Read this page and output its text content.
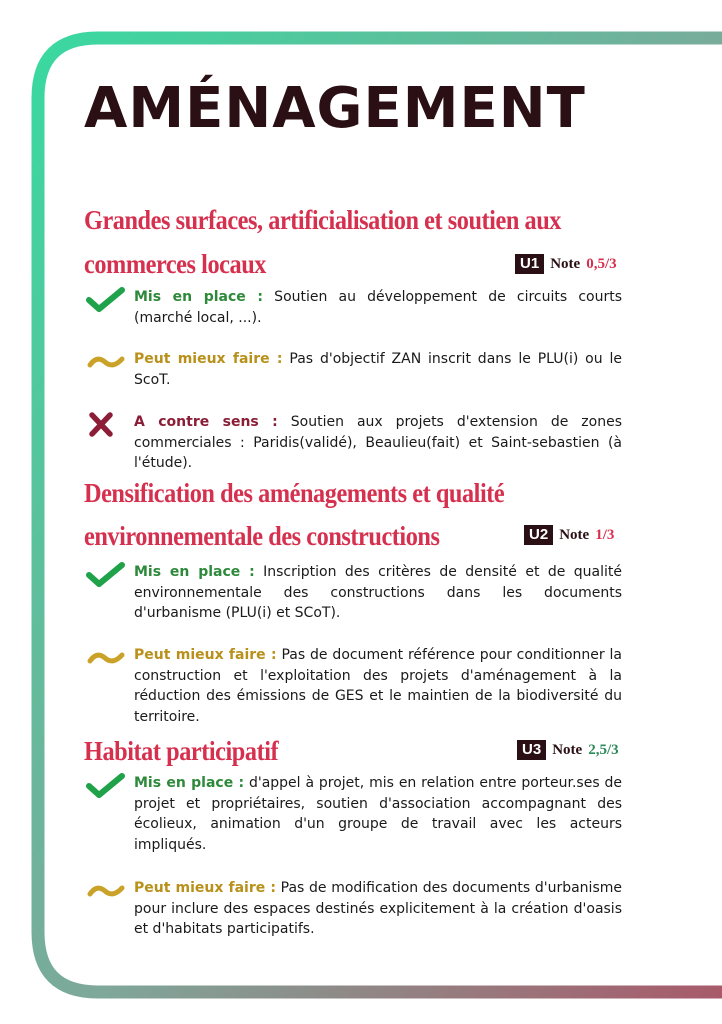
AMÉNAGEMENT
Grandes surfaces, artificialisation et soutien aux
commerces locaux	U1 Note 0,5/3
Mis en place : Soutien au développement de circuits courts (marché local, ...).
Peut mieux faire : Pas d'objectif ZAN inscrit dans le PLU(i) ou le ScoT.
A contre sens : Soutien aux projets d'extension de zones commerciales : Paridis(validé), Beaulieu(fait) et Saint-sebastien (à l'étude).
Densification des aménagements et qualité
environnementale des constructions	U2 Note 1/3
Mis en place : Inscription des critères de densité et de qualité environnementale des constructions dans les documents d'urbanisme (PLU(i) et SCoT).
Peut mieux faire : Pas de document référence pour conditionner la construction et l'exploitation des projets d'aménagement à la réduction des émissions de GES et le maintien de la biodiversité du territoire.
Habitat participatif	U3 Note 2,5/3
Mis en place : d'appel à projet, mis en relation entre porteur.ses de projet et propriétaires, soutien d'association accompagnant des écolieux, animation d'un groupe de travail avec les acteurs impliqués.
Peut mieux faire : Pas de modification des documents d'urbanisme pour inclure des espaces destinés explicitement à la création d'oasis et d'habitats participatifs.
